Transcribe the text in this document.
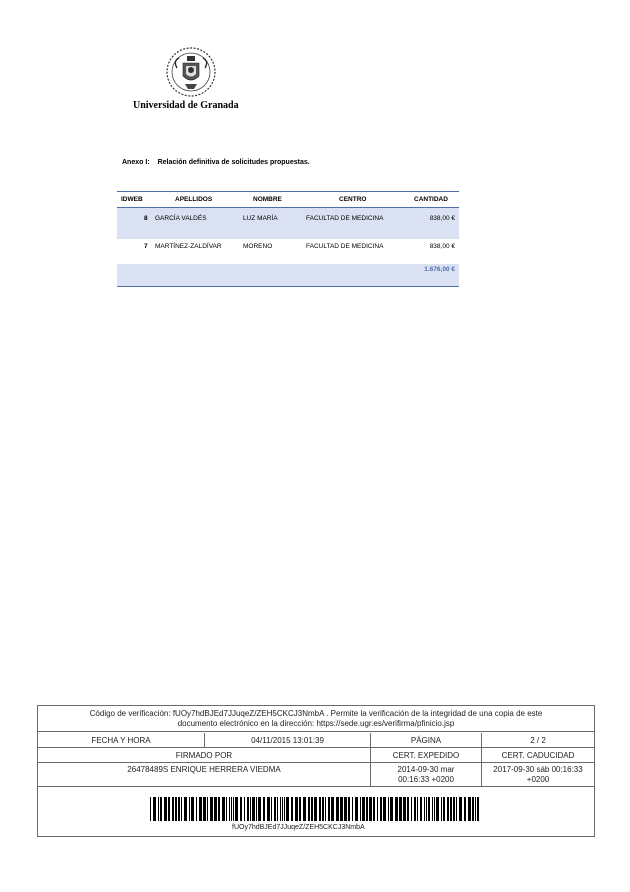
Universidad de Granada
Anexo I: Relación definitiva de solicitudes propuestas.
IDWEB	APELLIDOS	NOMBRE	CENTRO	CANTIDAD
8 GARCÍA VALDÉS	LUZ MARÍA	FACULTAD DE MEDICINA	838,00 €
7 MARTÍNEZ-ZALDÍVAR	MORENO	FACULTAD DE MEDICINA	838,00 €
1.676,00 €
Código de verificación: fUOy7hdBJEd7JJuqeZ/ZEH5CKCJ3NmbA . Permite la verificación de la integridad de una copia de este
documento electrónico en la dirección: https://sede.ugr.es/verifirma/pfinicio.jsp
FECHA Y HORA	04/11/2015 13:01:39	PÁGINA	2 / 2
FIRMADO POR	CERT. EXPEDIDO	CERT. CADUCIDAD
26478489S ENRIQUE HERRERA VIEDMA	2014-09-30 mar
00:16:33 +0200
2017-09-30 sáb 00:16:33
+0200
fUOy7hdBJEd7JJuqeZ/ZEH5CKCJ3NmbA
